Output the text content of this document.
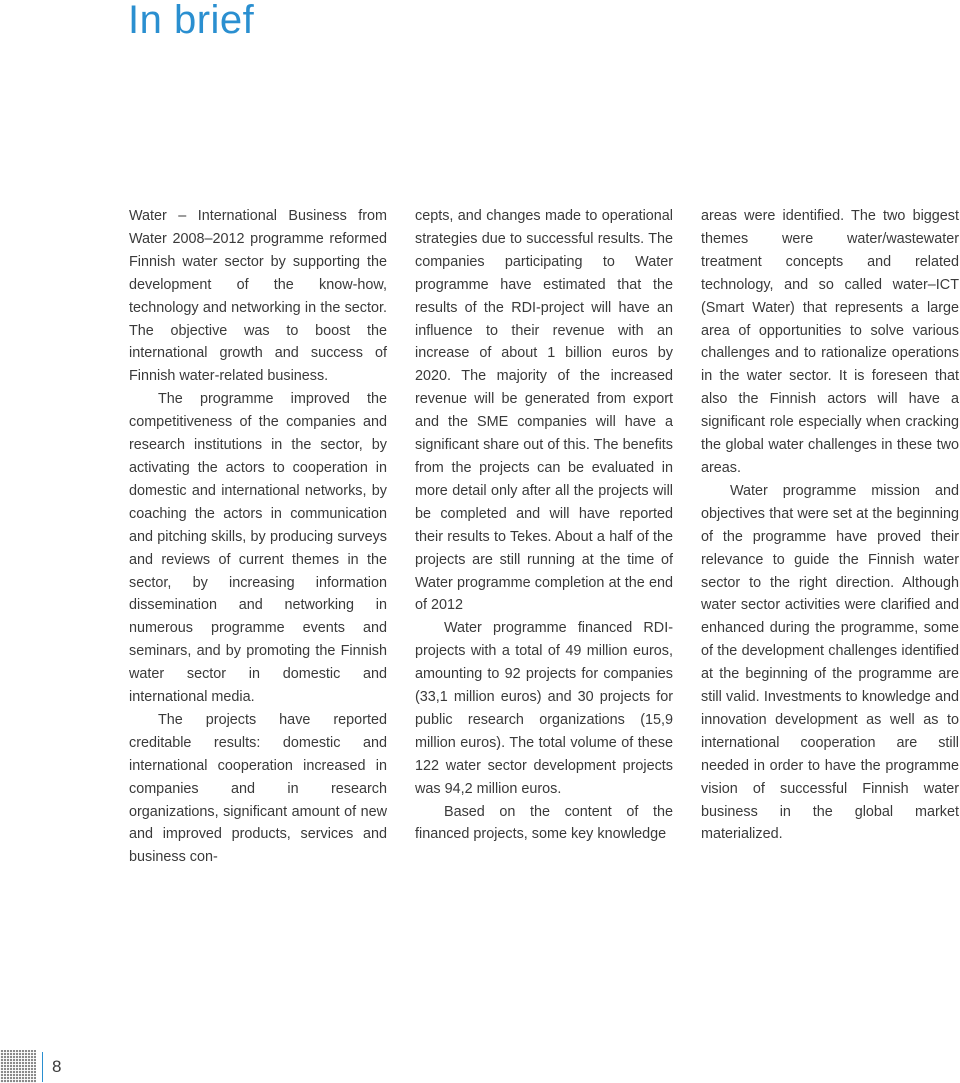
In brief

Water – International Business from Water 2008–2012 programme reformed Finnish water sector by supporting the development of the know-how, technology and networking in the sector. The objective was to boost the international growth and success of Finnish water-related business.

The programme improved the competitiveness of the companies and research institutions in the sector, by activating the actors to cooperation in domestic and international networks, by coaching the actors in communication and pitching skills, by producing surveys and reviews of current themes in the sector, by increasing information dissemination and networking in numerous programme events and seminars, and by promoting the Finnish water sector in domestic and international media.

The projects have reported creditable results: domestic and international cooperation increased in companies and in research organizations, significant amount of new and improved products, services and business con-

cepts, and changes made to operational strategies due to successful results. The companies participating to Water programme have estimated that the results of the RDI-project will have an influence to their revenue with an increase of about 1 billion euros by 2020. The majority of the increased revenue will be generated from export and the SME companies will have a significant share out of this. The benefits from the projects can be evaluated in more detail only after all the projects will be completed and will have reported their results to Tekes. About a half of the projects are still running at the time of Water programme completion at the end of 2012

Water programme financed RDI-projects with a total of 49 million euros, amounting to 92 projects for companies (33,1 million euros) and 30 projects for public research organizations (15,9 million euros). The total volume of these 122 water sector development projects was 94,2 million euros.

Based on the content of the financed projects, some key knowledge

areas were identified. The two biggest themes were water/wastewater treatment concepts and related technology, and so called water–ICT (Smart Water) that represents a large area of opportunities to solve various challenges and to rationalize operations in the water sector. It is foreseen that also the Finnish actors will have a significant role especially when cracking the global water challenges in these two areas.

Water programme mission and objectives that were set at the beginning of the programme have proved their relevance to guide the Finnish water sector to the right direction. Although water sector activities were clarified and enhanced during the programme, some of the development challenges identified at the beginning of the programme are still valid. Investments to knowledge and innovation development as well as to international cooperation are still needed in order to have the programme vision of successful Finnish water business in the global market materialized.

8
